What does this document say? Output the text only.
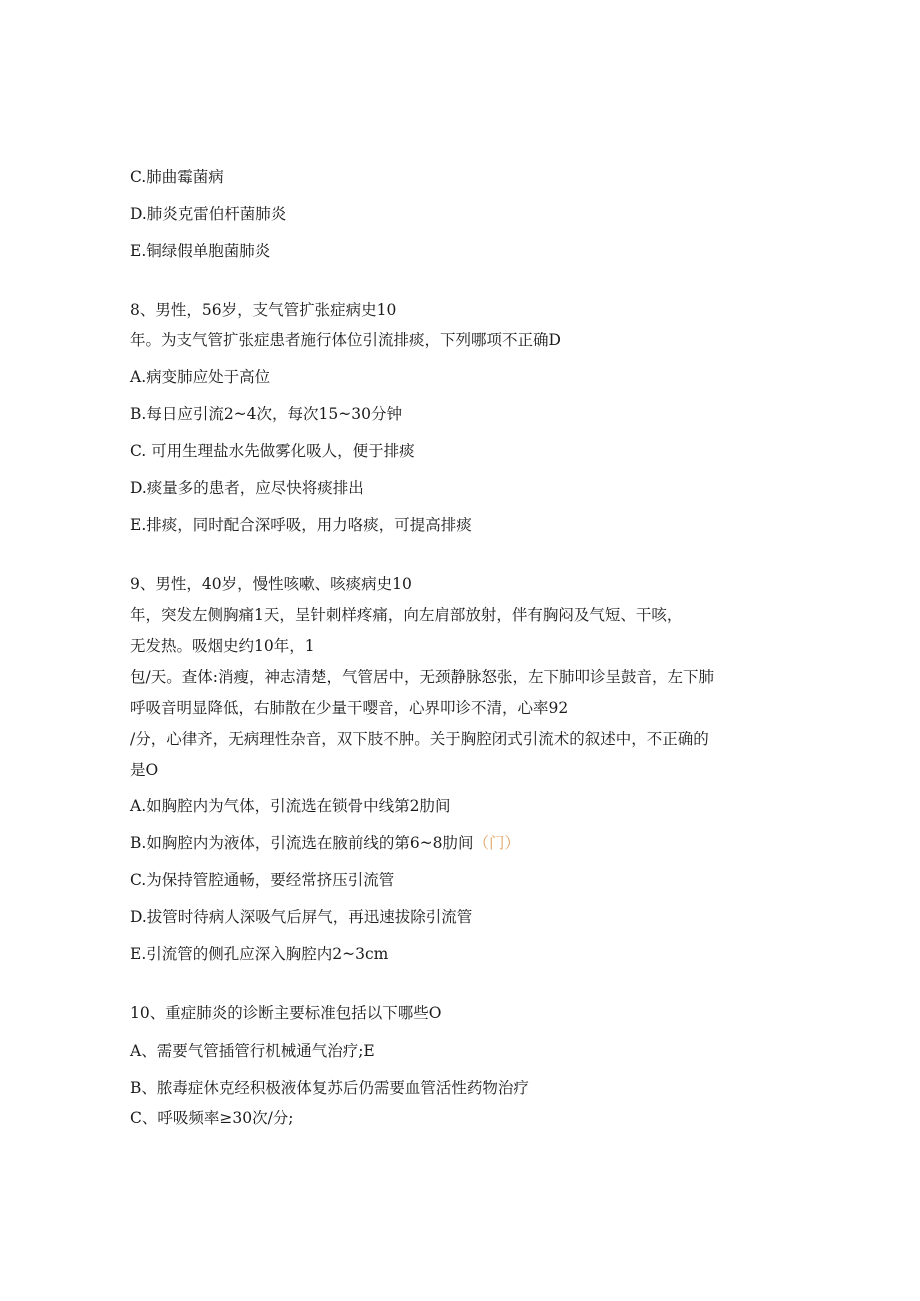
C.肺曲霉菌病
D.肺炎克雷伯杆菌肺炎
E.铜绿假单胞菌肺炎
8、男性，56岁，支气管扩张症病史10
年。为支气管扩张症患者施行体位引流排痰，下列哪项不正确D
A.病变肺应处于高位
B.每日应引流2~4次，每次15~30分钟
C. 可用生理盐水先做雾化吸人，便于排痰
D.痰量多的患者，应尽快将痰排出
E.排痰，同时配合深呼吸，用力咯痰，可提高排痰
9、男性，40岁，慢性咳嗽、咳痰病史10
年，突发左侧胸痛1天，呈针刺样疼痛，向左肩部放射，伴有胸闷及气短、干咳，
无发热。吸烟史约10年，1
包/天。查体:消瘦，神志清楚，气管居中，无颈静脉怒张，左下肺叩诊呈鼓音，左下肺
呼吸音明显降低，右肺散在少量干嘤音，心界叩诊不清，心率92
/分，心律齐，无病理性杂音，双下肢不肿。关于胸腔闭式引流术的叙述中，不正确的
是O
A.如胸腔内为气体，引流选在锁骨中线第2肋间
B.如胸腔内为液体，引流选在腋前线的第6~8肋间（门）
C.为保持管腔通畅，要经常挤压引流管
D.拔管时待病人深吸气后屏气，再迅速拔除引流管
E.引流管的侧孔应深入胸腔内2~3cm
10、重症肺炎的诊断主要标准包括以下哪些O
A、需要气管插管行机械通气治疗;E
B、脓毒症休克经积极液体复苏后仍需要血管活性药物治疗
C、呼吸频率≥30次/分;
